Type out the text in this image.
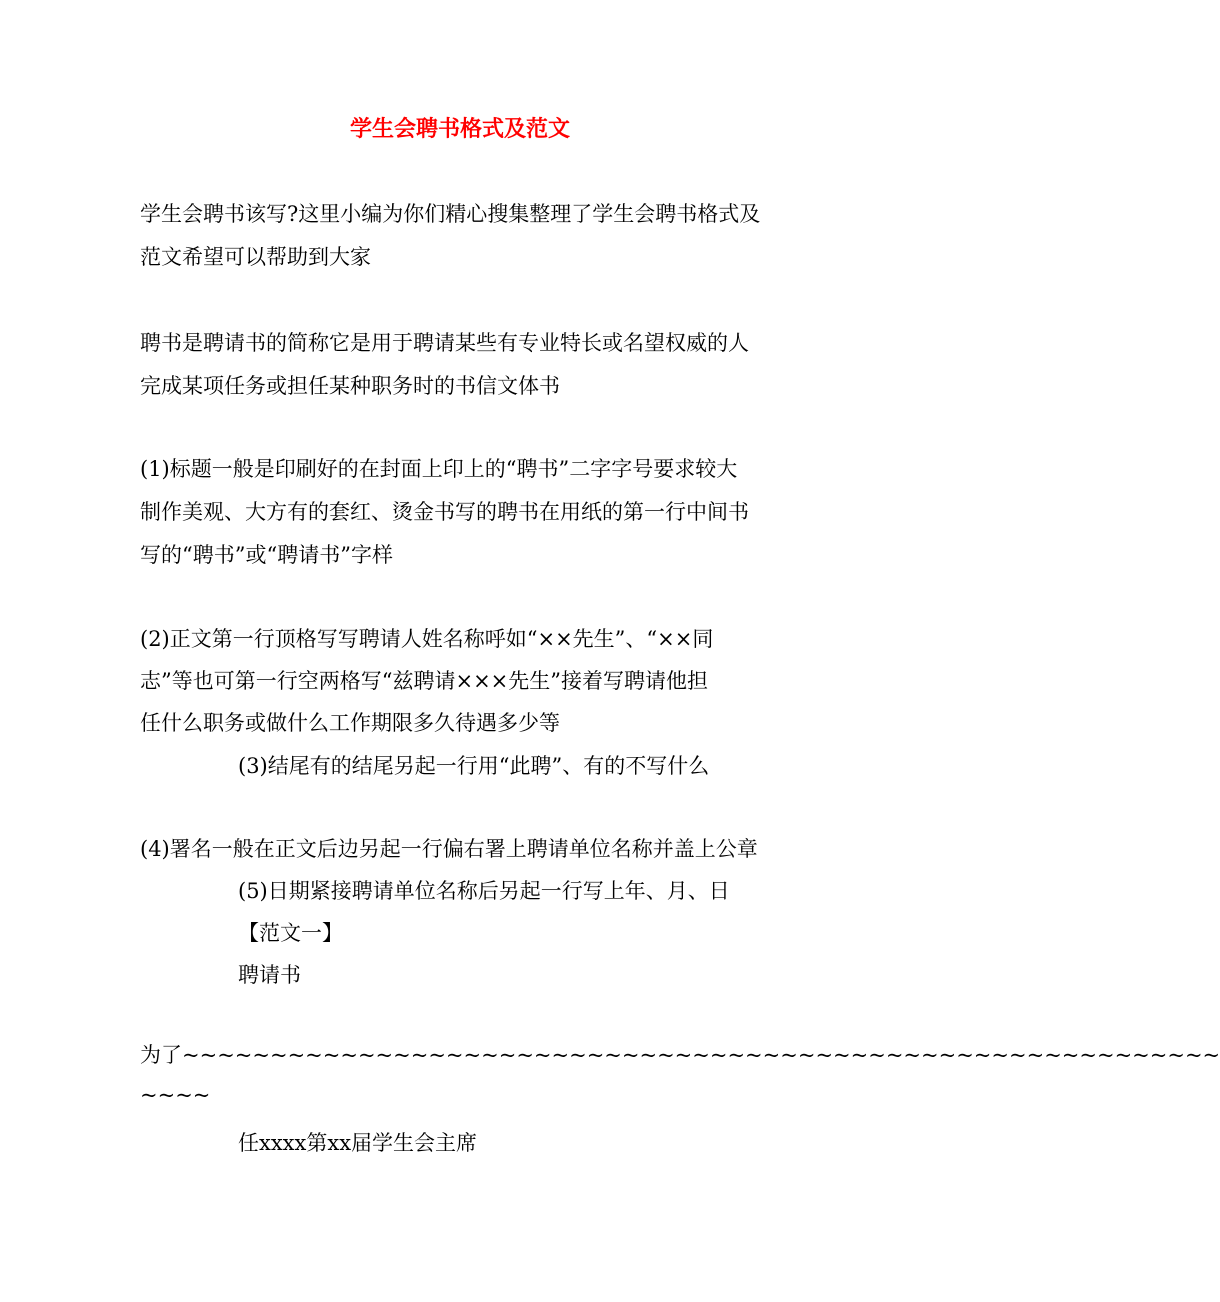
学生会聘书格式及范文
学生会聘书该写?这里小编为你们精心搜集整理了学生会聘书格式及
范文希望可以帮助到大家
聘书是聘请书的简称它是用于聘请某些有专业特长或名望权威的人
完成某项任务或担任某种职务时的书信文体书
(1)标题一般是印刷好的在封面上印上的“聘书”二字字号要求较大
制作美观、大方有的套红、烫金书写的聘书在用纸的第一行中间书
写的“聘书”或“聘请书”字样
(2)正文第一行顶格写写聘请人姓名称呼如“××先生”、“××同
志”等也可第一行空两格写“兹聘请×××先生”接着写聘请他担
任什么职务或做什么工作期限多久待遇多少等
(3)结尾有的结尾另起一行用“此聘”、有的不写什么
(4)署名一般在正文后边另起一行偏右署上聘请单位名称并盖上公章
(5)日期紧接聘请单位名称后另起一行写上年、月、日
【范文一】
聘请书
为了~~~~~~~~~~~~~~~~~~~~~~~~~~~~~~~~~~~~~~~~~~~~~~~~~~~~~~~~~~~
~~~~
任xxxx第xx届学生会主席
